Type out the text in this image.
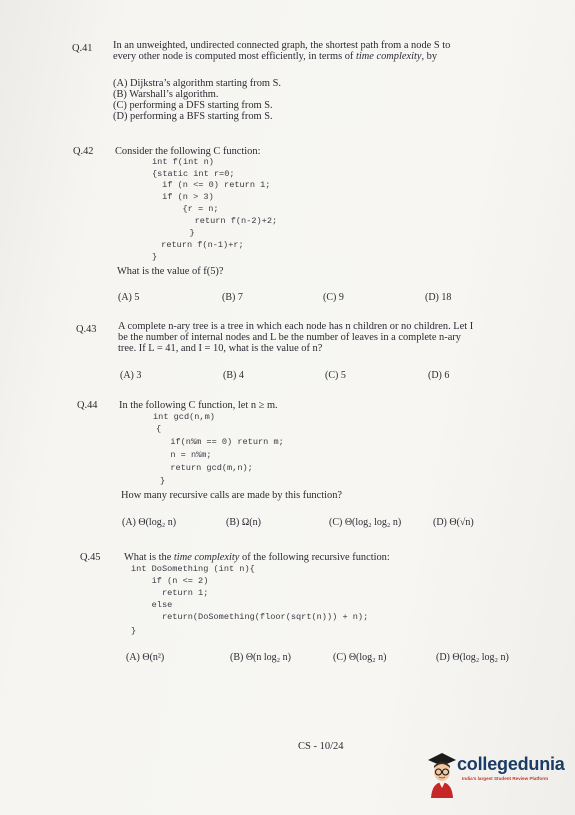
Q.41 In an unweighted, undirected connected graph, the shortest path from a node S to
every other node is computed most efficiently, in terms of time complexity, by
(A) Dijkstra’s algorithm starting from S.
(B) Warshall’s algorithm.
(C) performing a DFS starting from S.
(D) performing a BFS starting from S.
Q.42 Consider the following C function:
int f(int n)
{static int r=0;
if (n <= 0) return 1;
if (n > 3)
{r = n;
return f(n-2)+2;
}
return f(n-1)+r;
}
What is the value of f(5)?
(A) 5	(B) 7	(C) 9	(D) 18
Q.43 A complete n-ary tree is a tree in which each node has n children or no children. Let I
be the number of internal nodes and L be the number of leaves in a complete n-ary
tree. If L = 41, and I = 10, what is the value of n?
(A) 3	(B) 4	(C) 5	(D) 6
Q.44 In the following C function, let n ≥ m.
int gcd(n,m)
{
if(n%m == 0) return m;
n = n%m;
return gcd(m,n);
}
How many recursive calls are made by this function?
(A) Θ(log₂ n)	(B) Ω(n)	(C) Θ(log₂ log₂ n)	(D) Θ(√n)
Q.45 What is the time complexity of the following recursive function:
int DoSomething (int n){
if (n <= 2)
return 1;
else
return(DoSomething(floor(sqrt(n))) + n);
}
(A) Θ(n²)	(B) Θ(n log₂ n)	(C) Θ(log₂ n)	(D) Θ(log₂ log₂ n)
CS - 10/24
collegedunia
India's largest Student Review Platform
